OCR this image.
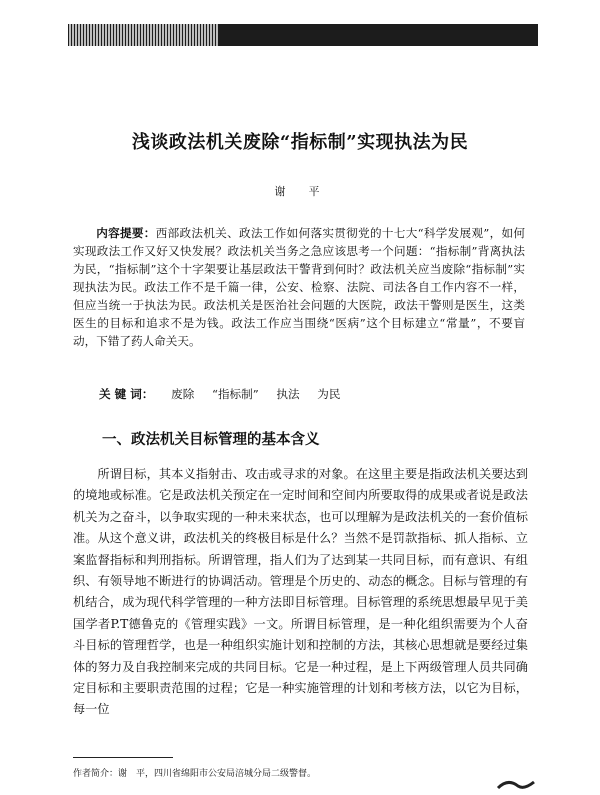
浅谈政法机关废除“指标制”实现执法为民
谢　平
内容提要：西部政法机关、政法工作如何落实贯彻党的十七大“科学发展观”，如何实现政法工作又好又快发展？政法机关当务之急应该思考一个问题：“指标制”背离执法为民，“指标制”这个十字架要让基层政法干警背到何时？政法机关应当废除“指标制”实现执法为民。政法工作不是千篇一律，公安、检察、法院、司法各自工作内容不一样，但应当统一于执法为民。政法机关是医治社会问题的大医院，政法干警则是医生，这类医生的目标和追求不是为钱。政法工作应当围绕“医病”这个目标建立“常量”，不要盲动，下错了药人命关天。
关 键 词： 废除 “指标制” 执法 为民
一、政法机关目标管理的基本含义

所谓目标，其本义指射击、攻击或寻求的对象。在这里主要是指政法机关要达到的境地或标准。它是政法机关预定在一定时间和空间内所要取得的成果或者说是政法机关为之奋斗，以争取实现的一种未来状态，也可以理解为是政法机关的一套价值标准。从这个意义讲，政法机关的终极目标是什么？当然不是罚款指标、抓人指标、立案监督指标和判刑指标。所谓管理，指人们为了达到某一共同目标，而有意识、有组织、有领导地不断进行的协调活动。管理是个历史的、动态的概念。目标与管理的有机结合，成为现代科学管理的一种方法即目标管理。目标管理的系统思想最早见于美国学者P.T德鲁克的《管理实践》一文。所谓目标管理，是一种化组织需要为个人奋斗目标的管理哲学，也是一种组织实施计划和控制的方法，其核心思想就是要经过集体的努力及自我控制来完成的共同目标。它是一种过程，是上下两级管理人员共同确定目标和主要职责范围的过程；它是一种实施管理的计划和考核方法，以它为目标，每一位

作者简介：谢　平，四川省绵阳市公安局涪城分局二级警督。
